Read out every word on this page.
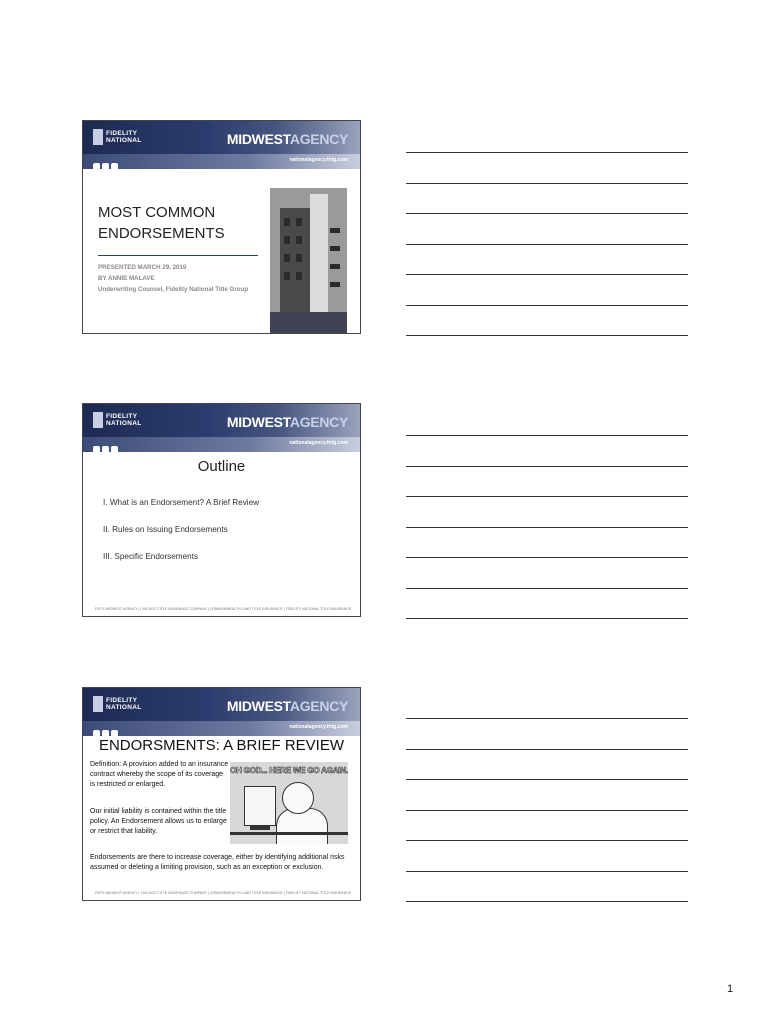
FIDELITY NATIONAL	MIDWESTAGENCY
nationalagency.fntg.com
MOST COMMON
ENDORSEMENTS
PRESENTED MARCH 29, 2019
BY ANNIE MALAVE
Underwriting Counsel, Fidelity National Title Group
FIDELITY NATIONAL	MIDWESTAGENCY
nationalagency.fntg.com
Outline
I. What is an Endorsement? A Brief Review
II. Rules on Issuing Endorsements
III. Specific Endorsements
FNTG MIDWEST AGENCY | CHICAGO TITLE INSURANCE COMPANY | COMMONWEALTH LAND TITLE INSURANCE | FIDELITY NATIONAL TITLE INSURANCE
FIDELITY NATIONAL	MIDWESTAGENCY
nationalagency.fntg.com
ENDORSMENTS: A BRIEF REVIEW
Definition: A provision added to an insurance contract whereby the scope of its coverage is restricted or enlarged.
Our initial liability is contained within the title policy. An Endorsement allows us to enlarge or restrict that liability.
OH GOD... HERE WE GO AGAIN.
Endorsements are there to increase coverage, either by identifying additional risks assumed or deleting a limiting provision, such as an exception or exclusion.
FNTG MIDWEST AGENCY | CHICAGO TITLE INSURANCE COMPANY | COMMONWEALTH LAND TITLE INSURANCE | FIDELITY NATIONAL TITLE INSURANCE
1
